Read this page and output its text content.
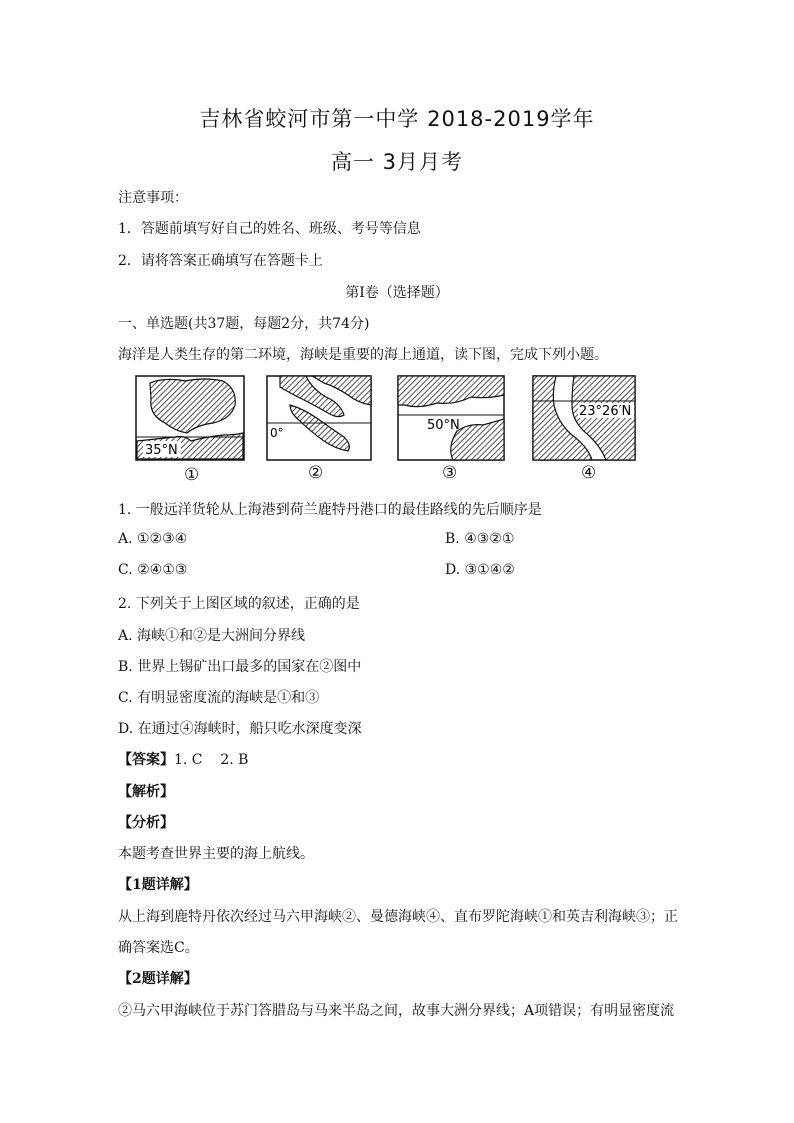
吉林省蛟河市第一中学 2018-2019学年
高一 3月月考
注意事项：
1．答题前填写好自己的姓名、班级、考号等信息
2．请将答案正确填写在答题卡上
第I卷（选择题）
一、单选题(共37题，每题2分，共74分)
海洋是人类生存的第二环境，海峡是重要的海上通道，读下图，完成下列小题。
35°N
0°	50°N
23°26′N
①	②	③	④
1. 一般远洋货轮从上海港到荷兰鹿特丹港口的最佳路线的先后顺序是
A. ①②③④	B. ④③②①
C. ②④①③	D. ③①④②
2. 下列关于上图区域的叙述，正确的是
A. 海峡①和②是大洲间分界线
B. 世界上锡矿出口最多的国家在②图中
C. 有明显密度流的海峡是①和③
D. 在通过④海峡时，船只吃水深度变深
【答案】1. C    2. B
【解析】
【分析】
本题考查世界主要的海上航线。
【1题详解】
从上海到鹿特丹依次经过马六甲海峡②、曼德海峡④、直布罗陀海峡①和英吉利海峡③；正
确答案选C。
【2题详解】
②马六甲海峡位于苏门答腊岛与马来半岛之间，故事大洲分界线；A项错误；有明显密度流
